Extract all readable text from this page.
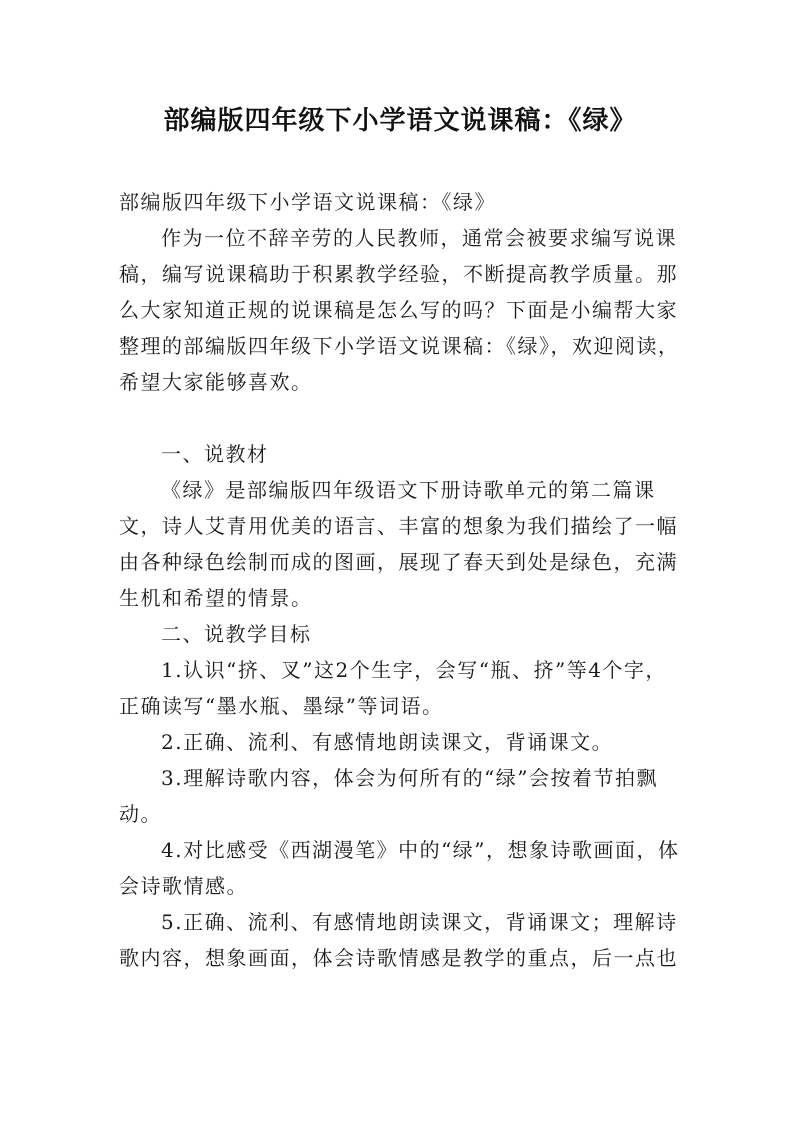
部编版四年级下小学语文说课稿：《绿》

部编版四年级下小学语文说课稿：《绿》

作为一位不辞辛劳的人民教师，通常会被要求编写说课稿，编写说课稿助于积累教学经验，不断提高教学质量。那么大家知道正规的说课稿是怎么写的吗？下面是小编帮大家整理的部编版四年级下小学语文说课稿：《绿》，欢迎阅读，希望大家能够喜欢。

一、说教材

《绿》是部编版四年级语文下册诗歌单元的第二篇课文，诗人艾青用优美的语言、丰富的想象为我们描绘了一幅由各种绿色绘制而成的图画，展现了春天到处是绿色，充满生机和希望的情景。

二、说教学目标

1.认识“挤、叉”这2个生字，会写“瓶、挤”等4个字，正确读写“墨水瓶、墨绿”等词语。

2.正确、流利、有感情地朗读课文，背诵课文。

3.理解诗歌内容，体会为何所有的“绿”会按着节拍飘动。

4.对比感受《西湖漫笔》中的“绿”，想象诗歌画面，体会诗歌情感。

5.正确、流利、有感情地朗读课文，背诵课文；理解诗歌内容，想象画面，体会诗歌情感是教学的重点，后一点也
